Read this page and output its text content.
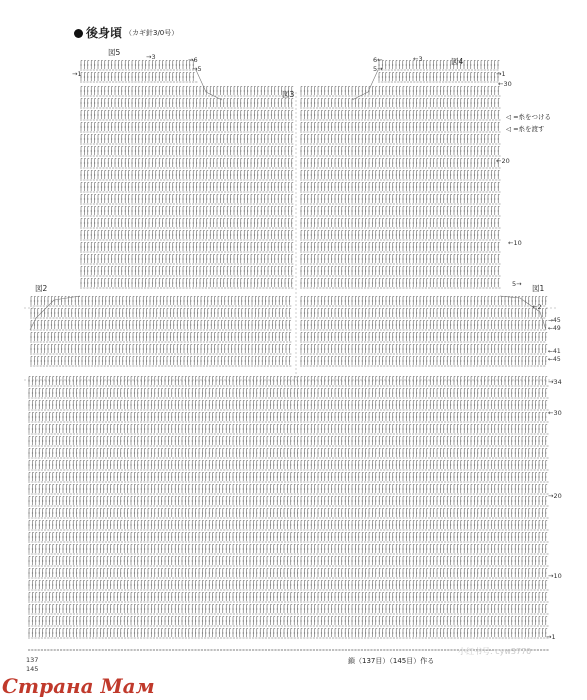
後身頃 （カギ針3/0号）
図5
図4
図3
図2	図1
◁ =糸をつける
◁ =糸を渡す
→3	→6
→5
→1
6←
5→
←3
→1
←30
←20
←10
5→
←2
→45
←49
←41
←45
→34
←30
→20
→10
→1
137
145
鎖（137目）（145目）作る
小红书号: cyw3770
Страна Мам
